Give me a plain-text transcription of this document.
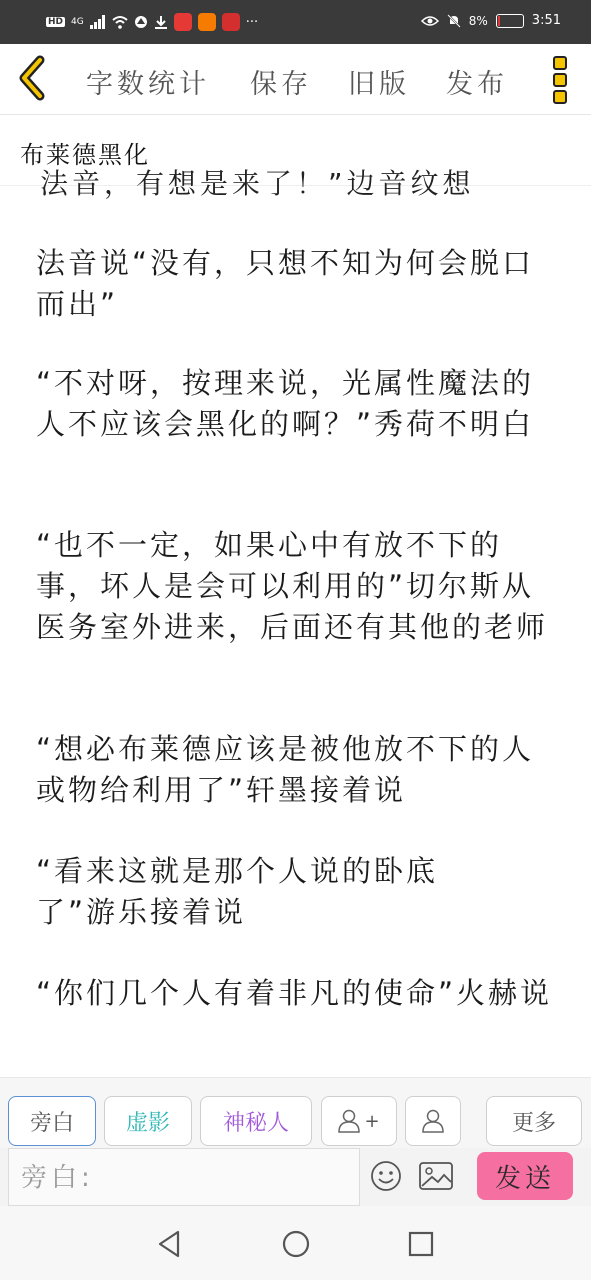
HD 4G	···	8%	3:51
字数统计 保存 旧版 发布
布莱德黑化
法音，有想是来了！”边音纹想
法音说“没有，只想不知为何会脱口而出”
“不对呀，按理来说，光属性魔法的人不应该会黑化的啊？”秀荷不明白
“也不一定，如果心中有放不下的事，坏人是会可以利用的”切尔斯从医务室外进来，后面还有其他的老师
“想必布莱德应该是被他放不下的人或物给利用了”轩墨接着说
“看来这就是那个人说的卧底了”游乐接着说
“你们几个人有着非凡的使命”火赫说
旁白 虚影 神秘人	+	更多
旁白:
发送
